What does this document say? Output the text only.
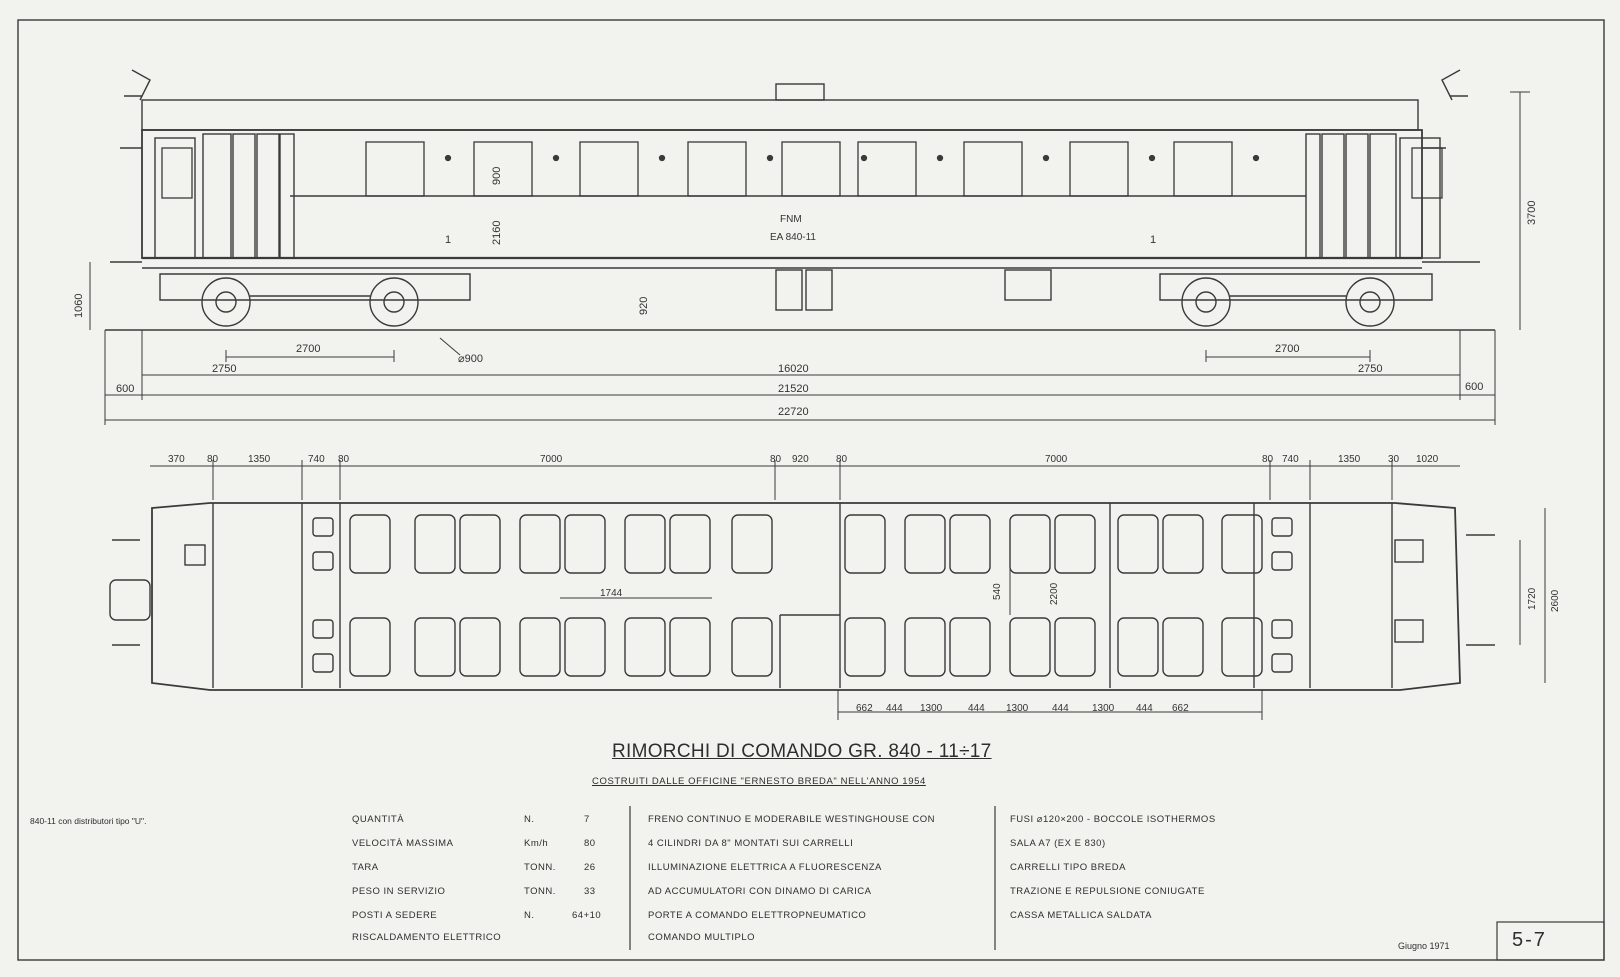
FNM
EA 840-11
1	1
2700	2700
2750	2750
16020
21520
600	600
22720
⌀900
3700
2160
900
920
1060
370 80	1350	740 80	7000	80 920	80	7000	80 740	1350	30 1020
662 444 1300	444 1300 444 1300 444 662
1744	540	2200	1720 2600
RIMORCHI DI COMANDO GR. 840 - 11÷17
COSTRUITI DALLE OFFICINE "ERNESTO BREDA" NELL'ANNO 1954
840-11 con distributori tipo "U".
Giugno 1971	5-7
QUANTITÀ	N.	7
VELOCITÀ MASSIMA	Km/h	80
TARA	TONN.	26
PESO IN SERVIZIO	TONN.	33
POSTI A SEDERE	N.	64+10
RISCALDAMENTO ELETTRICO
FRENO CONTINUO E MODERABILE WESTINGHOUSE CON
4 CILINDRI DA 8" MONTATI SUI CARRELLI
ILLUMINAZIONE ELETTRICA A FLUORESCENZA
AD ACCUMULATORI CON DINAMO DI CARICA
PORTE A COMANDO ELETTROPNEUMATICO
COMANDO MULTIPLO
FUSI ⌀120×200 - BOCCOLE ISOTHERMOS
SALA A7 (EX E 830)
CARRELLI TIPO BREDA
TRAZIONE E REPULSIONE CONIUGATE
CASSA METALLICA SALDATA
